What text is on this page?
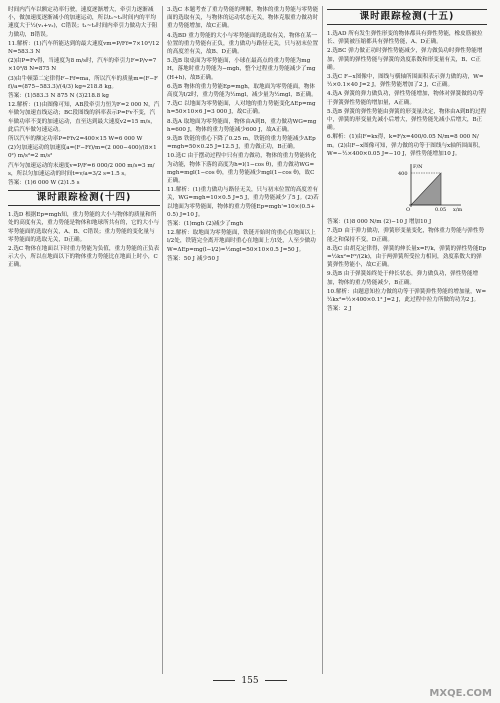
时间内汽车以额定功率行驶，速度逐渐增大，牵引力逐渐减小，做加速度逐渐减小的加速运动，所以t₁~t₂时间内的平均速度大于½(v₁+v₂)，C错误；t₁~t₂时间内牵引力做功大于阻力做功，B错误。

11.解析：(1)汽车所能达到的最大速度vm=P/Ff=7×10³/12 N=583.3 N

(2)由P=Fv得，当速度为8 m/s时，汽车的牵引力F=P/v=7×10³/8 N=875 N

(3)由牛顿第二定律得F−Ff=ma，所以汽车的质量m=(F−Ff)/a=(875−583.3)/(4/3) kg≈218.8 kg。

答案：(1)583.3 N 875 N (3)218.8 kg

12.解析：(1)由图像可知，AB段牵引力恒为F=2 000 N，汽车做匀加速直线运动；BC段图线的斜率表示P=Fv不变，汽车做功率不变的加速运动，直至达到最大速度v2=15 m/s，此后汽车做匀速运动。

所以汽车的额定功率P=Ffv2=400×15 W=6 000 W

(2)匀加速运动的加速度a=(F−Ff)/m=(2 000−400)/(8×10²) m/s²=2 m/s²

汽车匀加速运动的末速度v=P/F=6 000/2 000 m/s=3 m/s，所以匀加速运动的时间t=v/a=3/2 s=1.5 s。

答案：(1)6 000 W (2)1.5 s

课时跟踪检测(十四)

1.选D 根据Ep=mgh知，重力势能的大小与物体的质量和所处的高度有关，重力势能是物体和地球所共有的，它的大小与零势能面的选取有关，A、B、C错误；重力势能的变化量与零势能面的选取无关，D正确。

2.选C 物体在地面以下时重力势能为负值，重力势能的正负表示大小，所以在地面以下的物体重力势能比在地面上时小，C正确。

3.选C 本题考查了重力势能的理解，物体的重力势能与零势能面的选取有关，与物体的运动状态无关，物体克服重力做功时重力势能增加，故C正确。

4.选BD 重力势能的大小与零势能面的选取有关，物体在某一位置的重力势能有正负，重力做功与路径无关，只与初末位置的高度差有关，故B、D正确。

5.选B 取桌面为零势能面，小球在最高点的重力势能为mgH，落地时重力势能为−mgh，整个过程重力势能减少了mg(H+h)，故B正确。

6.选B 物体的重力势能Ep=mgh，取地面为零势能面，物体高度为l/2时，重力势能为½mgl，减少量为½mgl，B正确。

7.选C 以地面为零势能面，人对地的重力势能变化ΔEp=mgh=50×10×6 J=3 000 J，故C正确。

8.选A 取地面为零势能面，物体由A到B，重力做功WG=mgh=600 J，物体的重力势能减少600 J，故A正确。

9.选B 铁链的重心下降了0.25 m，铁链的重力势能减少ΔEp=mgh=50×0.25 J=12.5 J，重力做正功，B正确。

10.选C 由于摆动过程中只有重力做功，物体的重力势能转化为动能，物体下落的高度为h=l(1−cos θ)，重力做功WG=mgh=mgl(1−cos θ)，重力势能减少mgl(1−cos θ)，故C正确。

11.解析：(1)重力做功与路径无关，只与初末位置的高度差有关，WG=mgh=10×0.5 J=5 J，重力势能减少了5 J。(2)若以地面为零势能面，物体的重力势能Ep=mgh'=10×(0.5+0.5) J=10 J。

答案：(1)mgh (2)减少了mgh

12.解析：取地面为零势能面，铁链开始时的重心在地面以上l/2处，铁链完全离开地面时重心在地面上方l处，人至少做功W=ΔEp=mg(l−l/2)=½mgl=50×10×0.5 J=50 J。

答案：50 J 减少50 J

课时跟踪检测(十五)

1.选AD 所有发生弹性形变的物体都具有弹性势能，橡皮筋被拉长、弹簧被压缩都具有弹性势能，A、D正确。

2.选BC 弹力做正功时弹性势能减少，弹力做负功时弹性势能增加，弹簧的弹性势能与弹簧的劲度系数和形变量有关，B、C正确。

3.选C F−x图像中，图线与横轴所围面积表示弹力做的功，W=½×0.1×40 J=2 J，弹性势能增加了2 J，C正确。

4.选A 弹簧的弹力做负功，弹性势能增加，物体对弹簧做的功等于弹簧弹性势能的增加量，A正确。

5.选B 弹簧的弹性势能由弹簧的形变量决定，物体由A到B的过程中，弹簧的形变量先减小后增大，弹性势能先减小后增大，B正确。

6.解析：(1)由F=kx得，k=F/x=400/0.05 N/m=8 000 N/m。(2)由F−x图像可知，弹力做的功等于图线与x轴所围面积，W=−½×400×0.05 J=−10 J，弹性势能增加10 J。

F/N
x/m
400
0.05
O

答案：(1)8 000 N/m (2)−10 J 增加10 J

7.选D 由于弹力做功，弹簧形变量变化，物体重力势能与弹性势能之和保持不变，D正确。

8.选C 由胡克定律得，弹簧的伸长量x=F/k，弹簧的弹性势能Ep=½kx²=F²/(2k)，由于两弹簧所受拉力相同，劲度系数大的弹簧弹性势能小，故C正确。

9.选B 由于弹簧始终处于伸长状态，弹力做负功，弹性势能增加，物体的重力势能减少，B正确。

10.解析：由题意知拉力做的功等于弹簧弹性势能的增加量，W=½kx²=½×400×0.1² J=2 J，此过程中拉力所做的功为2 J。

答案：2 J

155
MXQE.COM
